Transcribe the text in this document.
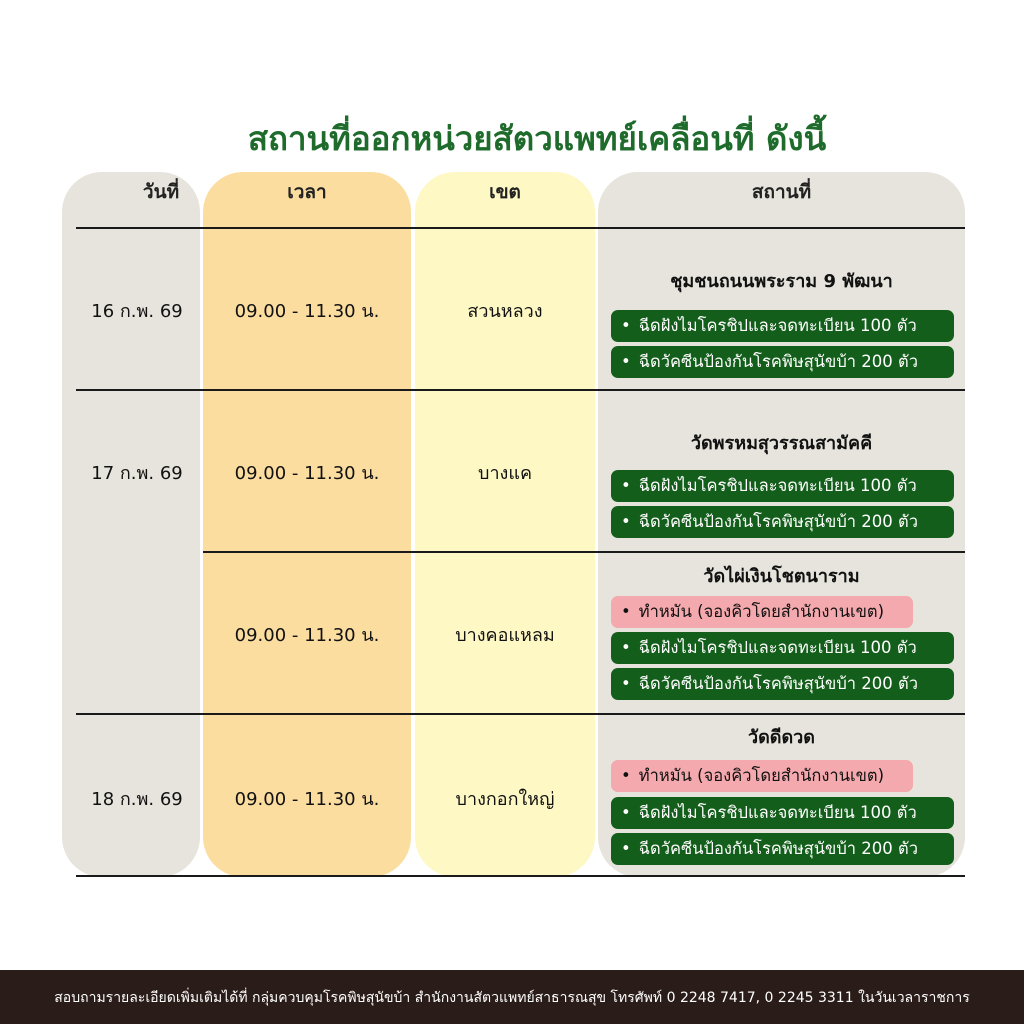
สถานที่ออกหน่วยสัตวแพทย์เคลื่อนที่ ดังนี้
วันที่	เวลา	เขต	สถานที่
16 ก.พ. 69	09.00 - 11.30 น.	สวนหลวง
ชุมชนถนนพระราม 9 พัฒนา
• ฉีดฝังไมโครชิปและจดทะเบียน 100 ตัว
• ฉีดวัคซีนป้องกันโรคพิษสุนัขบ้า 200 ตัว
17 ก.พ. 69	09.00 - 11.30 น.	บางแค
วัดพรหมสุวรรณสามัคคี
• ฉีดฝังไมโครชิปและจดทะเบียน 100 ตัว
• ฉีดวัคซีนป้องกันโรคพิษสุนัขบ้า 200 ตัว
09.00 - 11.30 น.	บางคอแหลม
วัดไผ่เงินโชตนาราม
• ทำหมัน (จองคิวโดยสำนักงานเขต)
• ฉีดฝังไมโครชิปและจดทะเบียน 100 ตัว
• ฉีดวัคซีนป้องกันโรคพิษสุนัขบ้า 200 ตัว
18 ก.พ. 69	09.00 - 11.30 น.	บางกอกใหญ่
วัดดีดวด
• ทำหมัน (จองคิวโดยสำนักงานเขต)
• ฉีดฝังไมโครชิปและจดทะเบียน 100 ตัว
• ฉีดวัคซีนป้องกันโรคพิษสุนัขบ้า 200 ตัว
สอบถามรายละเอียดเพิ่มเติมได้ที่ กลุ่มควบคุมโรคพิษสุนัขบ้า สำนักงานสัตวแพทย์สาธารณสุข โทรศัพท์ 0 2248 7417, 0 2245 3311 ในวันเวลาราชการ
